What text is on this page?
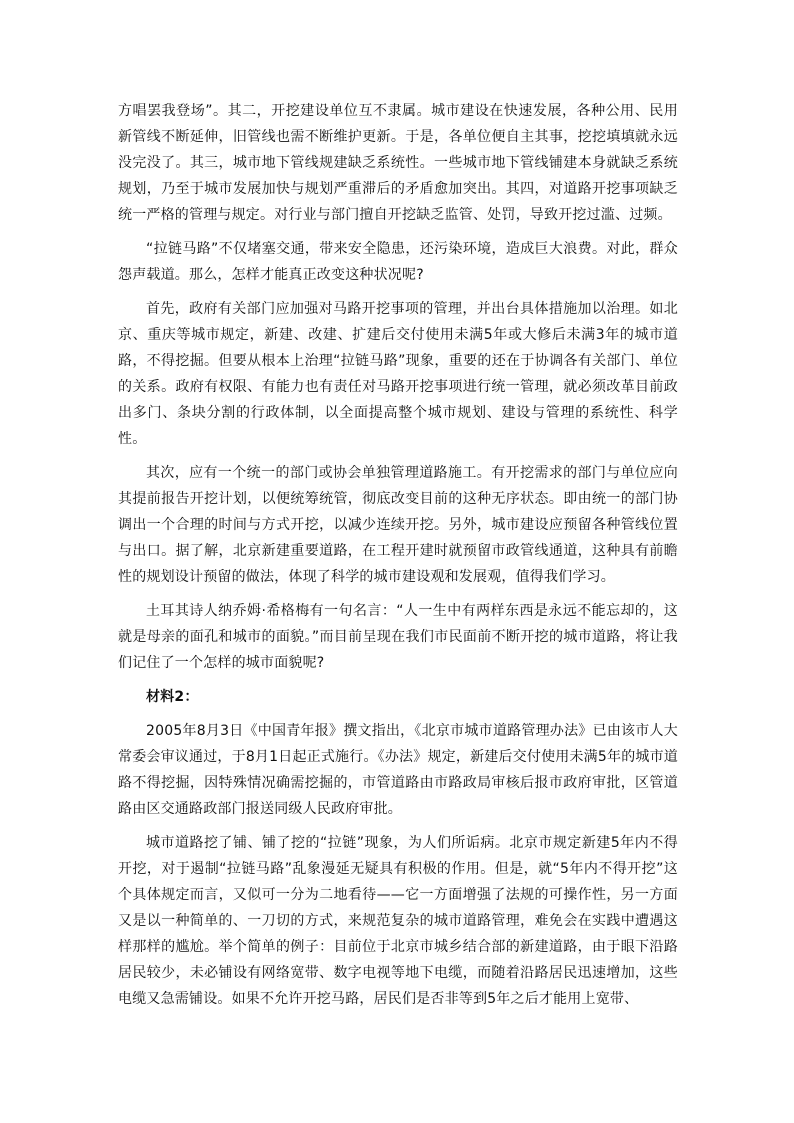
方唱罢我登场”。其二，开挖建设单位互不隶属。城市建设在快速发展，各种公用、民用新管线不断延伸，旧管线也需不断维护更新。于是，各单位便自主其事，挖挖填填就永远没完没了。其三，城市地下管线规建缺乏系统性。一些城市地下管线铺建本身就缺乏系统规划，乃至于城市发展加快与规划严重滞后的矛盾愈加突出。其四，对道路开挖事项缺乏统一严格的管理与规定。对行业与部门擅自开挖缺乏监管、处罚，导致开挖过滥、过频。

“拉链马路”不仅堵塞交通，带来安全隐患，还污染环境，造成巨大浪费。对此，群众怨声载道。那么，怎样才能真正改变这种状况呢?

首先，政府有关部门应加强对马路开挖事项的管理，并出台具体措施加以治理。如北京、重庆等城市规定，新建、改建、扩建后交付使用未满5年或大修后未满3年的城市道路，不得挖掘。但要从根本上治理“拉链马路”现象，重要的还在于协调各有关部门、单位的关系。政府有权限、有能力也有责任对马路开挖事项进行统一管理，就必须改革目前政出多门、条块分割的行政体制，以全面提高整个城市规划、建设与管理的系统性、科学性。

其次，应有一个统一的部门或协会单独管理道路施工。有开挖需求的部门与单位应向其提前报告开挖计划，以便统筹统管，彻底改变目前的这种无序状态。即由统一的部门协调出一个合理的时间与方式开挖，以减少连续开挖。另外，城市建设应预留各种管线位置与出口。据了解，北京新建重要道路，在工程开建时就预留市政管线通道，这种具有前瞻性的规划设计预留的做法，体现了科学的城市建设观和发展观，值得我们学习。

土耳其诗人纳乔姆·希格梅有一句名言：“人一生中有两样东西是永远不能忘却的，这就是母亲的面孔和城市的面貌。”而目前呈现在我们市民面前不断开挖的城市道路，将让我们记住了一个怎样的城市面貌呢?

材料2：

2005年8月3日《中国青年报》撰文指出，《北京市城市道路管理办法》已由该市人大常委会审议通过，于8月1日起正式施行。《办法》规定，新建后交付使用未满5年的城市道路不得挖掘，因特殊情况确需挖掘的，市管道路由市路政局审核后报市政府审批，区管道路由区交通路政部门报送同级人民政府审批。

城市道路挖了铺、铺了挖的“拉链”现象，为人们所诟病。北京市规定新建5年内不得开挖，对于遏制“拉链马路”乱象漫延无疑具有积极的作用。但是，就“5年内不得开挖”这个具体规定而言，又似可一分为二地看待——它一方面增强了法规的可操作性，另一方面又是以一种简单的、一刀切的方式，来规范复杂的城市道路管理，难免会在实践中遭遇这样那样的尴尬。举个简单的例子：目前位于北京市城乡结合部的新建道路，由于眼下沿路居民较少，未必铺设有网络宽带、数字电视等地下电缆，而随着沿路居民迅速增加，这些电缆又急需铺设。如果不允许开挖马路，居民们是否非等到5年之后才能用上宽带、
